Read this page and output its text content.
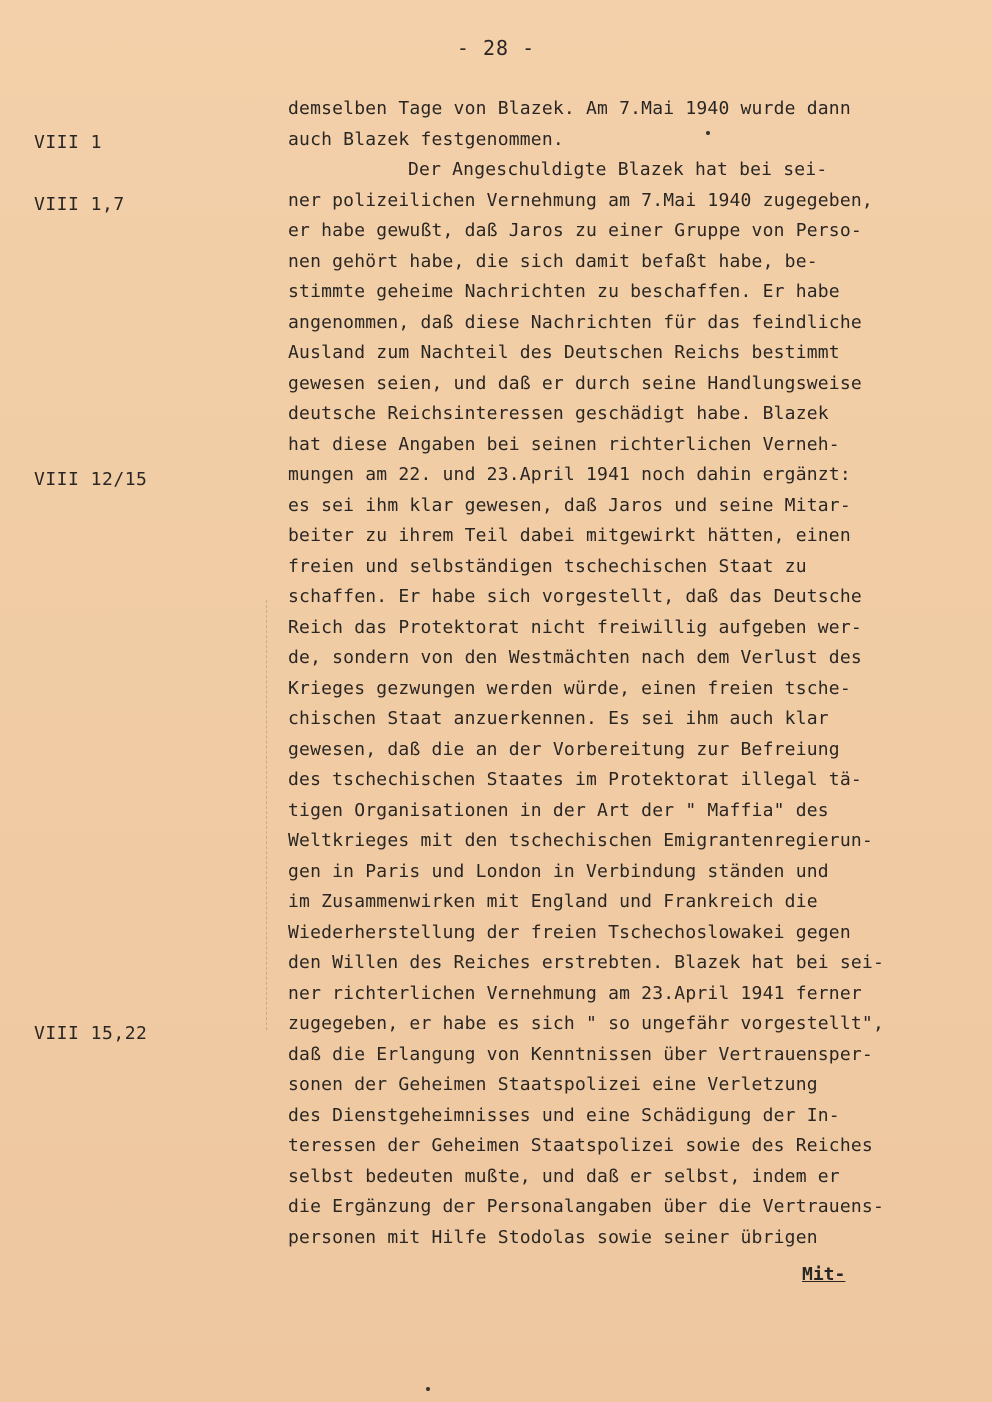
- 28 -
VIII 1
VIII 1,7
VIII 12/15
VIII 15,22
demselben Tage von Blazek. Am 7.Mai 1940 wurde dann
auch Blazek festgenommen.
Der Angeschuldigte Blazek hat bei sei-
ner polizeilichen Vernehmung am 7.Mai 1940 zugegeben,
er habe gewußt, daß Jaros zu einer Gruppe von Perso-
nen gehört habe, die sich damit befaßt habe, be-
stimmte geheime Nachrichten zu beschaffen. Er habe
angenommen, daß diese Nachrichten für das feindliche
Ausland zum Nachteil des Deutschen Reichs bestimmt
gewesen seien, und daß er durch seine Handlungsweise
deutsche Reichsinteressen geschädigt habe. Blazek
hat diese Angaben bei seinen richterlichen Verneh-
mungen am 22. und 23.April 1941 noch dahin ergänzt:
es sei ihm klar gewesen, daß Jaros und seine Mitar-
beiter zu ihrem Teil dabei mitgewirkt hätten, einen
freien und selbständigen tschechischen Staat zu
schaffen. Er habe sich vorgestellt, daß das Deutsche
Reich das Protektorat nicht freiwillig aufgeben wer-
de, sondern von den Westmächten nach dem Verlust des
Krieges gezwungen werden würde, einen freien tsche-
chischen Staat anzuerkennen. Es sei ihm auch klar
gewesen, daß die an der Vorbereitung zur Befreiung
des tschechischen Staates im Protektorat illegal tä-
tigen Organisationen in der Art der " Maffia" des
Weltkrieges mit den tschechischen Emigrantenregierun-
gen in Paris und London in Verbindung ständen und
im Zusammenwirken mit England und Frankreich die
Wiederherstellung der freien Tschechoslowakei gegen
den Willen des Reiches erstrebten. Blazek hat bei sei-
ner richterlichen Vernehmung am 23.April 1941 ferner
zugegeben, er habe es sich " so ungefähr vorgestellt",
daß die Erlangung von Kenntnissen über Vertrauensper-
sonen der Geheimen Staatspolizei eine Verletzung
des Dienstgeheimnisses und eine Schädigung der In-
teressen der Geheimen Staatspolizei sowie des Reiches
selbst bedeuten mußte, und daß er selbst, indem er
die Ergänzung der Personalangaben über die Vertrauens-
personen mit Hilfe Stodolas sowie seiner übrigen
Mit-
